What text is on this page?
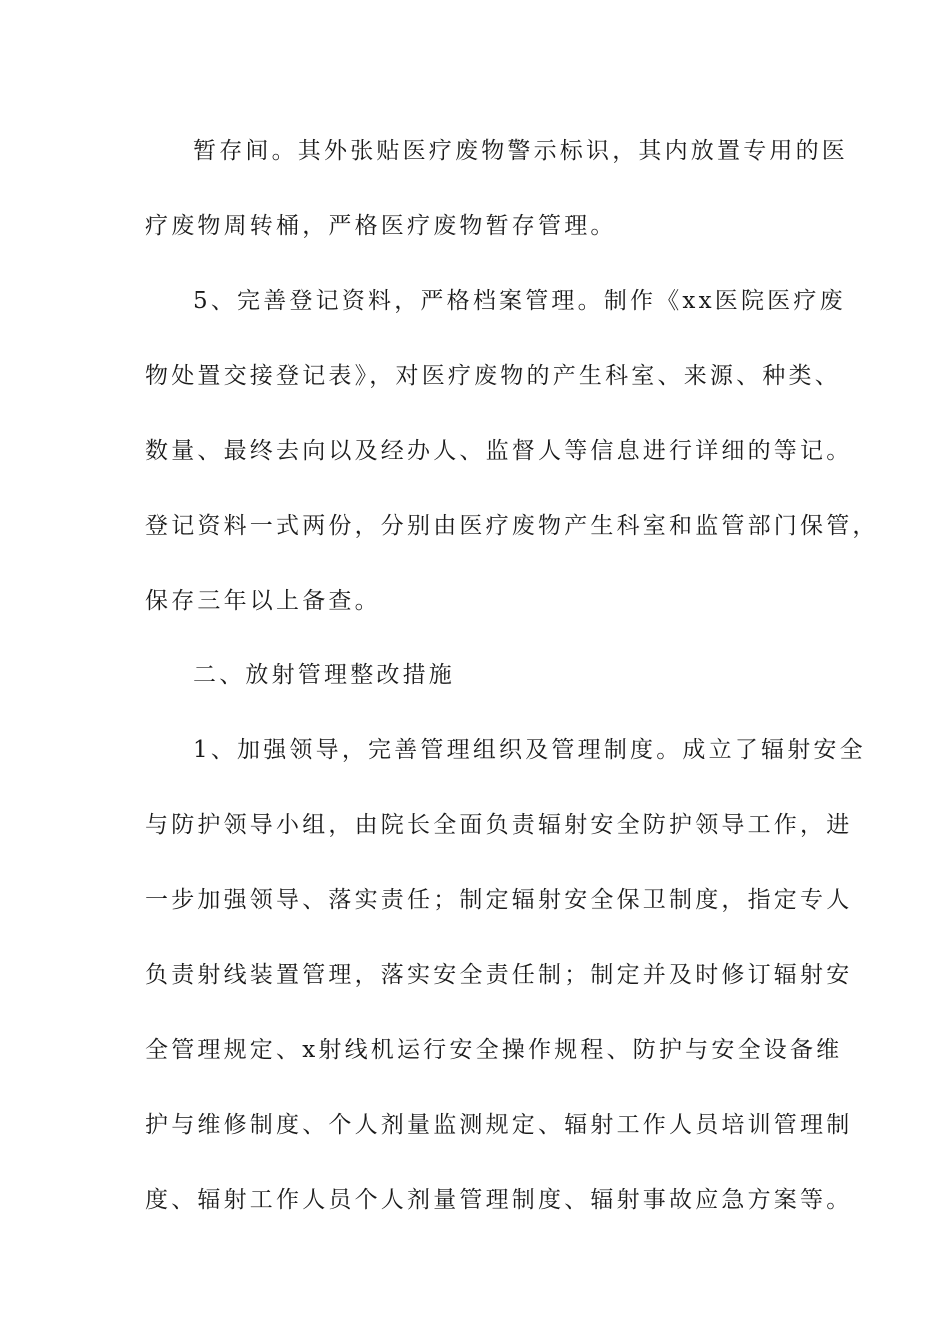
暂存间。其外张贴医疗废物警示标识，其内放置专用的医
疗废物周转桶，严格医疗废物暂存管理。
5、完善登记资料，严格档案管理。制作《xx医院医疗废
物处置交接登记表》，对医疗废物的产生科室、来源、种类、
数量、最终去向以及经办人、监督人等信息进行详细的等记。
登记资料一式两份，分别由医疗废物产生科室和监管部门保管，
保存三年以上备查。
二、放射管理整改措施
1、加强领导，完善管理组织及管理制度。成立了辐射安全
与防护领导小组，由院长全面负责辐射安全防护领导工作，进
一步加强领导、落实责任；制定辐射安全保卫制度，指定专人
负责射线装置管理，落实安全责任制；制定并及时修订辐射安
全管理规定、x射线机运行安全操作规程、防护与安全设备维
护与维修制度、个人剂量监测规定、辐射工作人员培训管理制
度、辐射工作人员个人剂量管理制度、辐射事故应急方案等。
